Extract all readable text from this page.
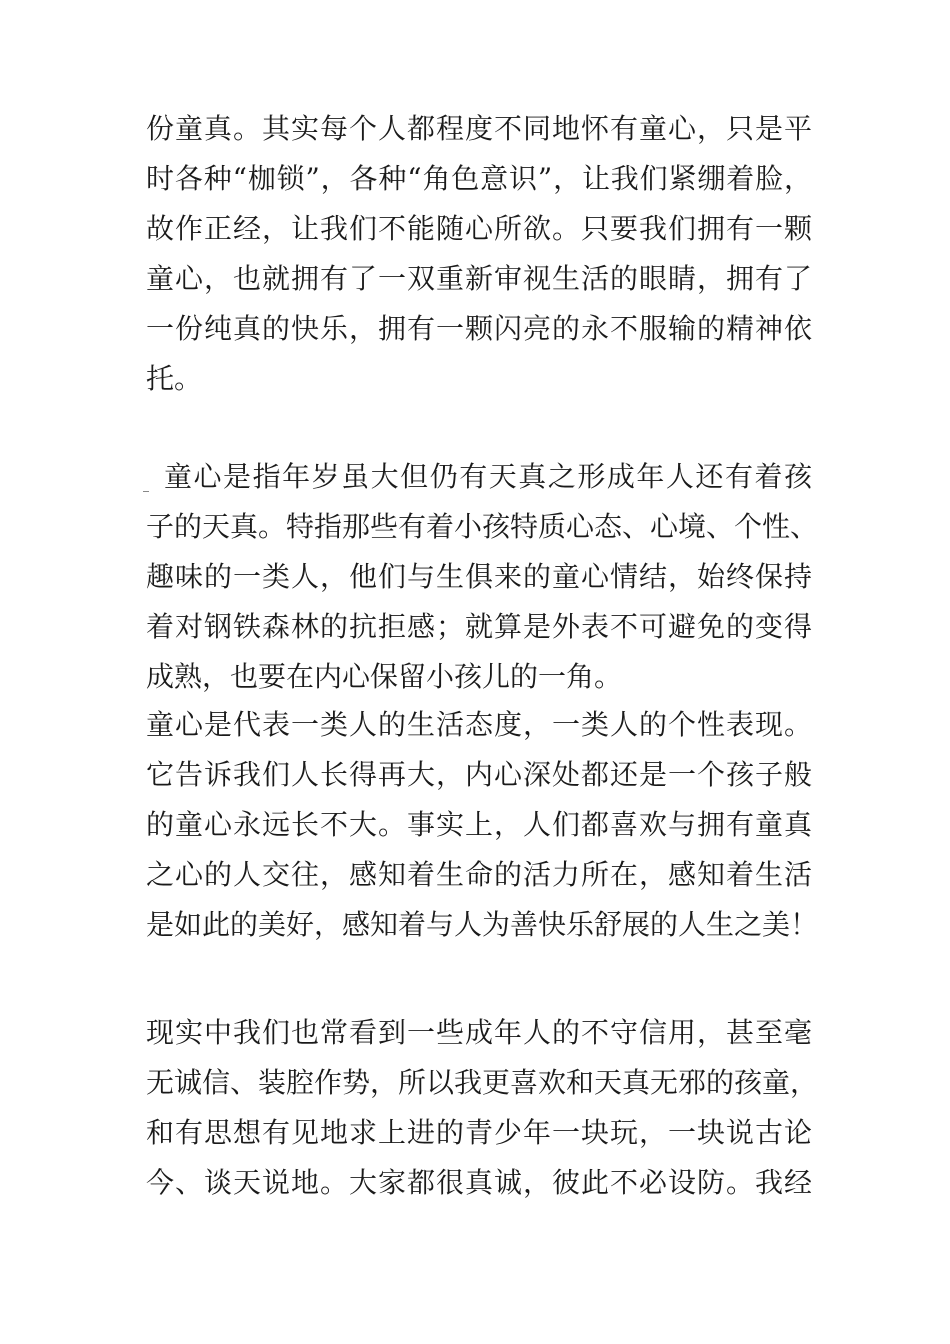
份童真。其实每个人都程度不同地怀有童心，只是平
时各种“枷锁”，各种“角色意识”，让我们紧绷着脸，
故作正经，让我们不能随心所欲。只要我们拥有一颗
童心，也就拥有了一双重新审视生活的眼睛，拥有了
一份纯真的快乐，拥有一颗闪亮的永不服输的精神依
托。
童心是指年岁虽大但仍有天真之形成年人还有着孩
子的天真。特指那些有着小孩特质心态、心境、个性、
趣味的一类人，他们与生俱来的童心情结，始终保持
着对钢铁森林的抗拒感；就算是外表不可避免的变得
成熟，也要在内心保留小孩儿的一角。
童心是代表一类人的生活态度，一类人的个性表现。
它告诉我们人长得再大，内心深处都还是一个孩子般
的童心永远长不大。事实上，人们都喜欢与拥有童真
之心的人交往，感知着生命的活力所在，感知着生活
是如此的美好，感知着与人为善快乐舒展的人生之美！
现实中我们也常看到一些成年人的不守信用，甚至毫
无诚信、装腔作势，所以我更喜欢和天真无邪的孩童，
和有思想有见地求上进的青少年一块玩，一块说古论
今、谈天说地。大家都很真诚，彼此不必设防。我经
